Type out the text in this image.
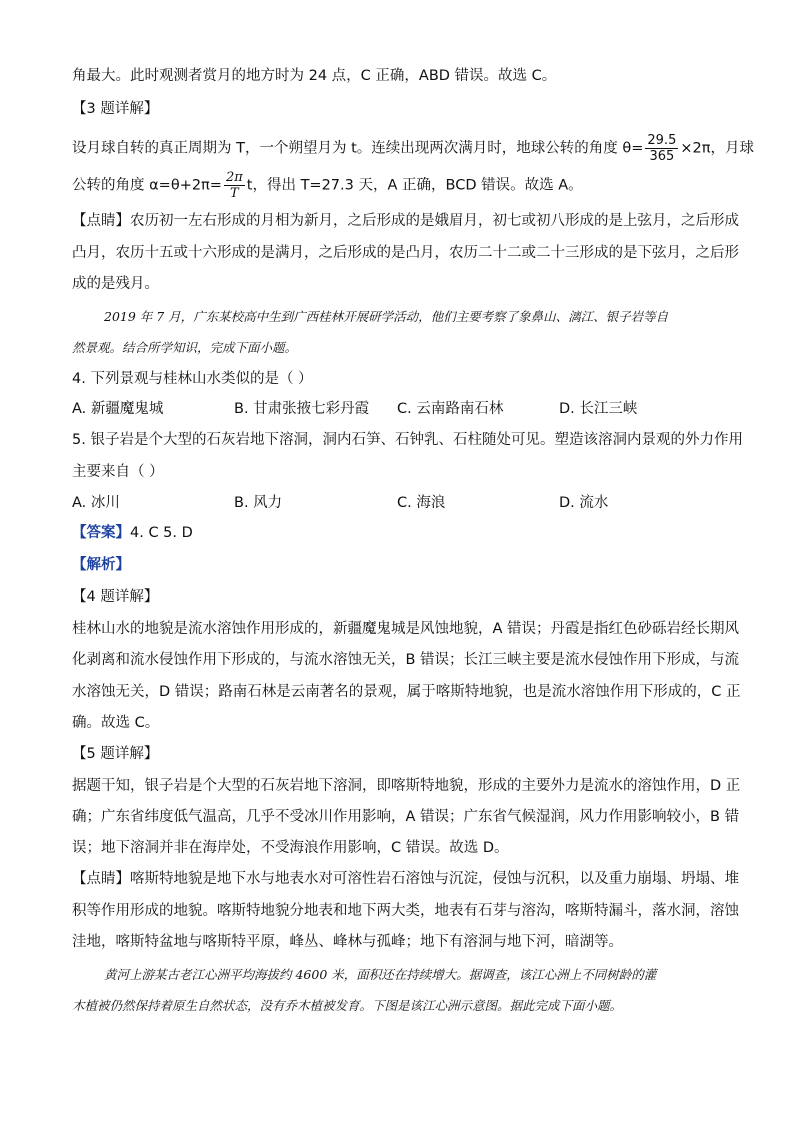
角最大。此时观测者赏月的地方时为 24 点，C 正确，ABD 错误。故选 C。
【3 题详解】
设月球自转的真正周期为 T，一个朔望月为 t。连续出现两次满月时，地球公转的角度 $\theta= \frac{29.5}{365} \times 2\pi$，月球
公转的角度 $\alpha=\theta+2\pi= \frac{2\pi}{T}$ t，得出 T=27.3 天，A 正确，BCD 错误。故选 A。
【点睛】农历初一左右形成的月相为新月，之后形成的是娥眉月，初七或初八形成的是上弦月，之后形成
凸月，农历十五或十六形成的是满月，之后形成的是凸月，农历二十二或二十三形成的是下弦月，之后形
成的是残月。
2019 年 7 月，广东某校高中生到广西桂林开展研学活动，他们主要考察了象鼻山、漓江、银子岩等自
然景观。结合所学知识，完成下面小题。
4. 下列景观与桂林山水类似的是（ ）
A. 新疆魔鬼城	B. 甘肃张掖七彩丹霞 C. 云南路南石林	D. 长江三峡
5. 银子岩是个大型的石灰岩地下溶洞，洞内石笋、石钟乳、石柱随处可见。塑造该溶洞内景观的外力作用
主要来自（ ）
A. 冰川	B. 风力	C. 海浪	D. 流水
【答案】4. C 5. D
【解析】
【4 题详解】
桂林山水的地貌是流水溶蚀作用形成的，新疆魔鬼城是风蚀地貌，A 错误；丹霞是指红色砂砾岩经长期风
化剥离和流水侵蚀作用下形成的，与流水溶蚀无关，B 错误；长江三峡主要是流水侵蚀作用下形成，与流
水溶蚀无关，D 错误；路南石林是云南著名的景观，属于喀斯特地貌，也是流水溶蚀作用下形成的，C 正
确。故选 C。
【5 题详解】
据题干知，银子岩是个大型的石灰岩地下溶洞，即喀斯特地貌，形成的主要外力是流水的溶蚀作用，D 正
确；广东省纬度低气温高，几乎不受冰川作用影响，A 错误；广东省气候湿润，风力作用影响较小，B 错
误；地下溶洞并非在海岸处，不受海浪作用影响，C 错误。故选 D。
【点睛】喀斯特地貌是地下水与地表水对可溶性岩石溶蚀与沉淀，侵蚀与沉积，以及重力崩塌、坍塌、堆
积等作用形成的地貌。喀斯特地貌分地表和地下两大类，地表有石芽与溶沟，喀斯特漏斗，落水洞，溶蚀
洼地，喀斯特盆地与喀斯特平原，峰丛、峰林与孤峰；地下有溶洞与地下河，暗湖等。
黄河上游某古老江心洲平均海拔约 4600 米，面积还在持续增大。据调查，该江心洲上不同树龄的灌
木植被仍然保持着原生自然状态，没有乔木植被发育。下图是该江心洲示意图。据此完成下面小题。
